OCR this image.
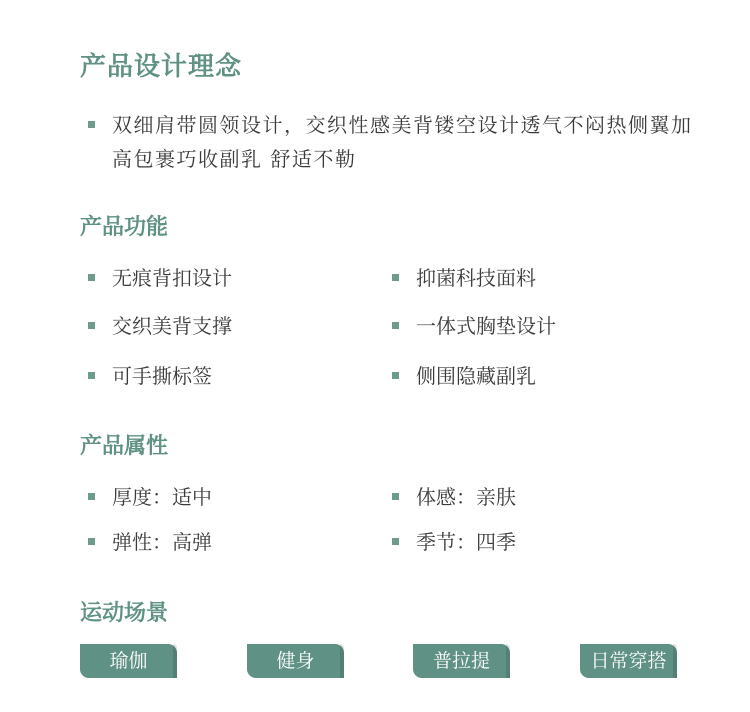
产品设计理念
双细肩带圆领设计，交织性感美背镂空设计透气不闷热侧翼加高包裹巧收副乳 舒适不勒
产品功能
无痕背扣设计	抑菌科技面料
交织美背支撑	一体式胸垫设计
可手撕标签	侧围隐藏副乳
产品属性
厚度：适中	体感：亲肤
弹性：高弹	季节：四季
运动场景
瑜伽	健身	普拉提	日常穿搭
